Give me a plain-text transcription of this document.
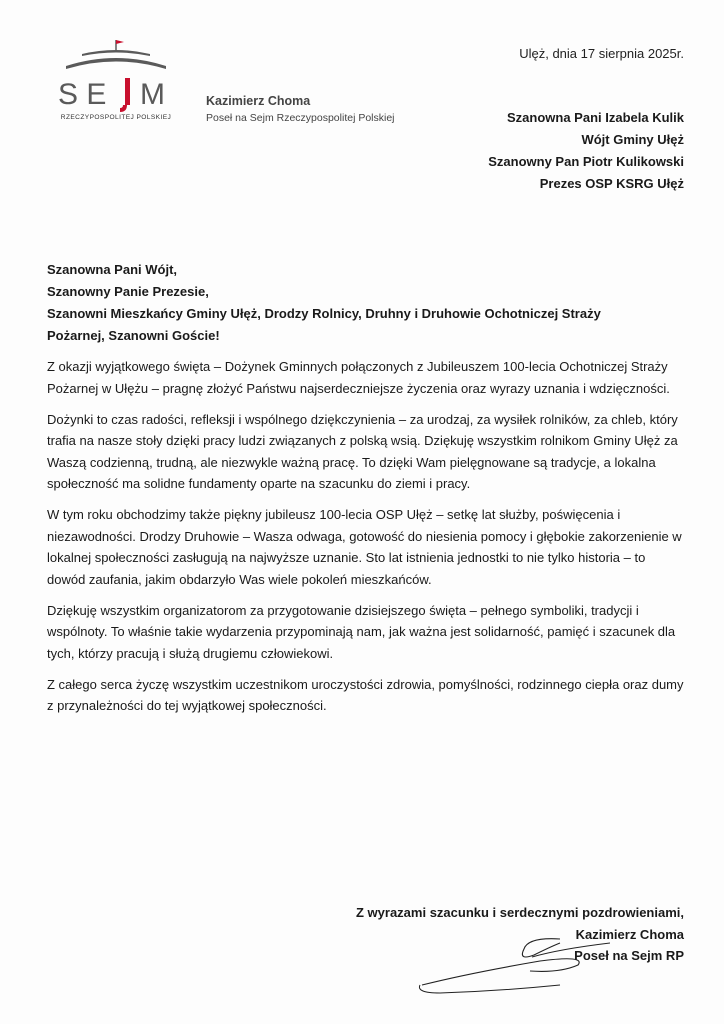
S E M
RZECZYPOSPOLITEJ POLSKIEJ
Kazimierz Choma
Poseł na Sejm Rzeczypospolitej Polskiej
Ulęż, dnia 17 sierpnia 2025r.
Szanowna Pani Izabela Kulik
Wójt Gminy Ułęż
Szanowny Pan Piotr Kulikowski
Prezes OSP KSRG Ułęż
Szanowna Pani Wójt,
Szanowny Panie Prezesie,
Szanowni Mieszkańcy Gminy Ułęż, Drodzy Rolnicy, Druhny i Druhowie Ochotniczej Straży
Pożarnej, Szanowni Goście!

Z okazji wyjątkowego święta – Dożynek Gminnych połączonych z Jubileuszem 100-lecia Ochotniczej Straży Pożarnej w Ułężu – pragnę złożyć Państwu najserdeczniejsze życzenia oraz wyrazy uznania i wdzięczności.

Dożynki to czas radości, refleksji i wspólnego dziękczynienia – za urodzaj, za wysiłek rolników, za chleb, który trafia na nasze stoły dzięki pracy ludzi związanych z polską wsią. Dziękuję wszystkim rolnikom Gminy Ułęż za Waszą codzienną, trudną, ale niezwykle ważną pracę. To dzięki Wam pielęgnowane są tradycje, a lokalna społeczność ma solidne fundamenty oparte na szacunku do ziemi i pracy.

W tym roku obchodzimy także piękny jubileusz 100-lecia OSP Ułęż – setkę lat służby, poświęcenia i niezawodności. Drodzy Druhowie – Wasza odwaga, gotowość do niesienia pomocy i głębokie zakorzenienie w lokalnej społeczności zasługują na najwyższe uznanie. Sto lat istnienia jednostki to nie tylko historia – to dowód zaufania, jakim obdarzyło Was wiele pokoleń mieszkańców.

Dziękuję wszystkim organizatorom za przygotowanie dzisiejszego święta – pełnego symboliki, tradycji i wspólnoty. To właśnie takie wydarzenia przypominają nam, jak ważna jest solidarność, pamięć i szacunek dla tych, którzy pracują i służą drugiemu człowiekowi.

Z całego serca życzę wszystkim uczestnikom uroczystości zdrowia, pomyślności, rodzinnego ciepła oraz dumy z przynależności do tej wyjątkowej społeczności.

Z wyrazami szacunku i serdecznymi pozdrowieniami,
Kazimierz Choma
Poseł na Sejm RP
